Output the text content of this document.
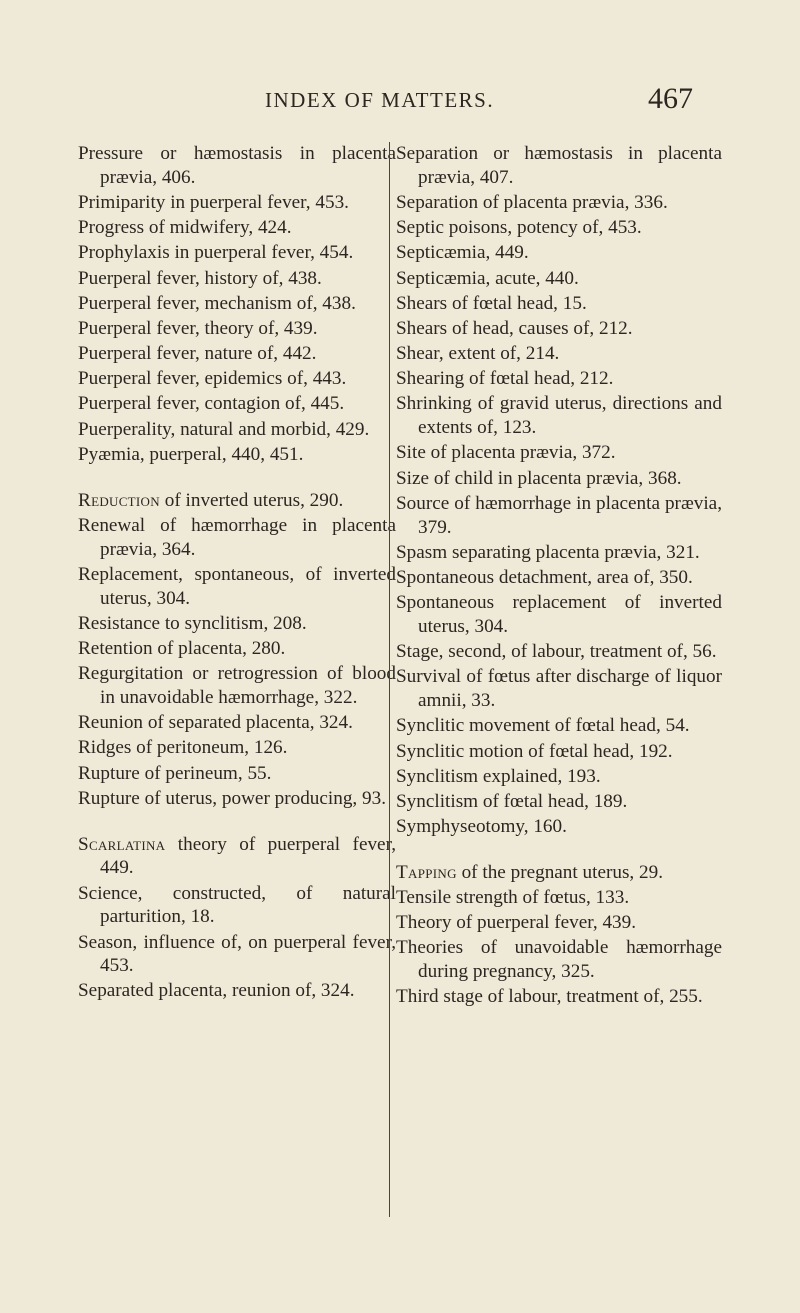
INDEX OF MATTERS.	467

Pressure or hæmostasis in placenta prævia, 406.

Primiparity in puerperal fever, 453.

Progress of midwifery, 424.

Prophylaxis in puerperal fever, 454.

Puerperal fever, history of, 438.

Puerperal fever, mechanism of, 438.

Puerperal fever, theory of, 439.

Puerperal fever, nature of, 442.

Puerperal fever, epidemics of, 443.

Puerperal fever, contagion of, 445.

Puerperality, natural and morbid, 429.

Pyæmia, puerperal, 440, 451.

Reduction of inverted uterus, 290.

Renewal of hæmorrhage in placenta prævia, 364.

Replacement, spontaneous, of inverted uterus, 304.

Resistance to synclitism, 208.

Retention of placenta, 280.

Regurgitation or retrogression of blood in unavoidable hæmorrhage, 322.

Reunion of separated placenta, 324.

Ridges of peritoneum, 126.

Rupture of perineum, 55.

Rupture of uterus, power producing, 93.

Scarlatina theory of puerperal fever, 449.

Science, constructed, of natural parturition, 18.

Season, influence of, on puerperal fever, 453.

Separated placenta, reunion of, 324.

Separation or hæmostasis in placenta prævia, 407.

Separation of placenta prævia, 336.

Septic poisons, potency of, 453.

Septicæmia, 449.

Septicæmia, acute, 440.

Shears of fœtal head, 15.

Shears of head, causes of, 212.

Shear, extent of, 214.

Shearing of fœtal head, 212.

Shrinking of gravid uterus, directions and extents of, 123.

Site of placenta prævia, 372.

Size of child in placenta prævia, 368.

Source of hæmorrhage in placenta prævia, 379.

Spasm separating placenta prævia, 321.

Spontaneous detachment, area of, 350.

Spontaneous replacement of inverted uterus, 304.

Stage, second, of labour, treatment of, 56.

Survival of fœtus after discharge of liquor amnii, 33.

Synclitic movement of fœtal head, 54.

Synclitic motion of fœtal head, 192.

Synclitism explained, 193.

Synclitism of fœtal head, 189.

Symphyseotomy, 160.

Tapping of the pregnant uterus, 29.

Tensile strength of fœtus, 133.

Theory of puerperal fever, 439.

Theories of unavoidable hæmorrhage during pregnancy, 325.

Third stage of labour, treatment of, 255.
